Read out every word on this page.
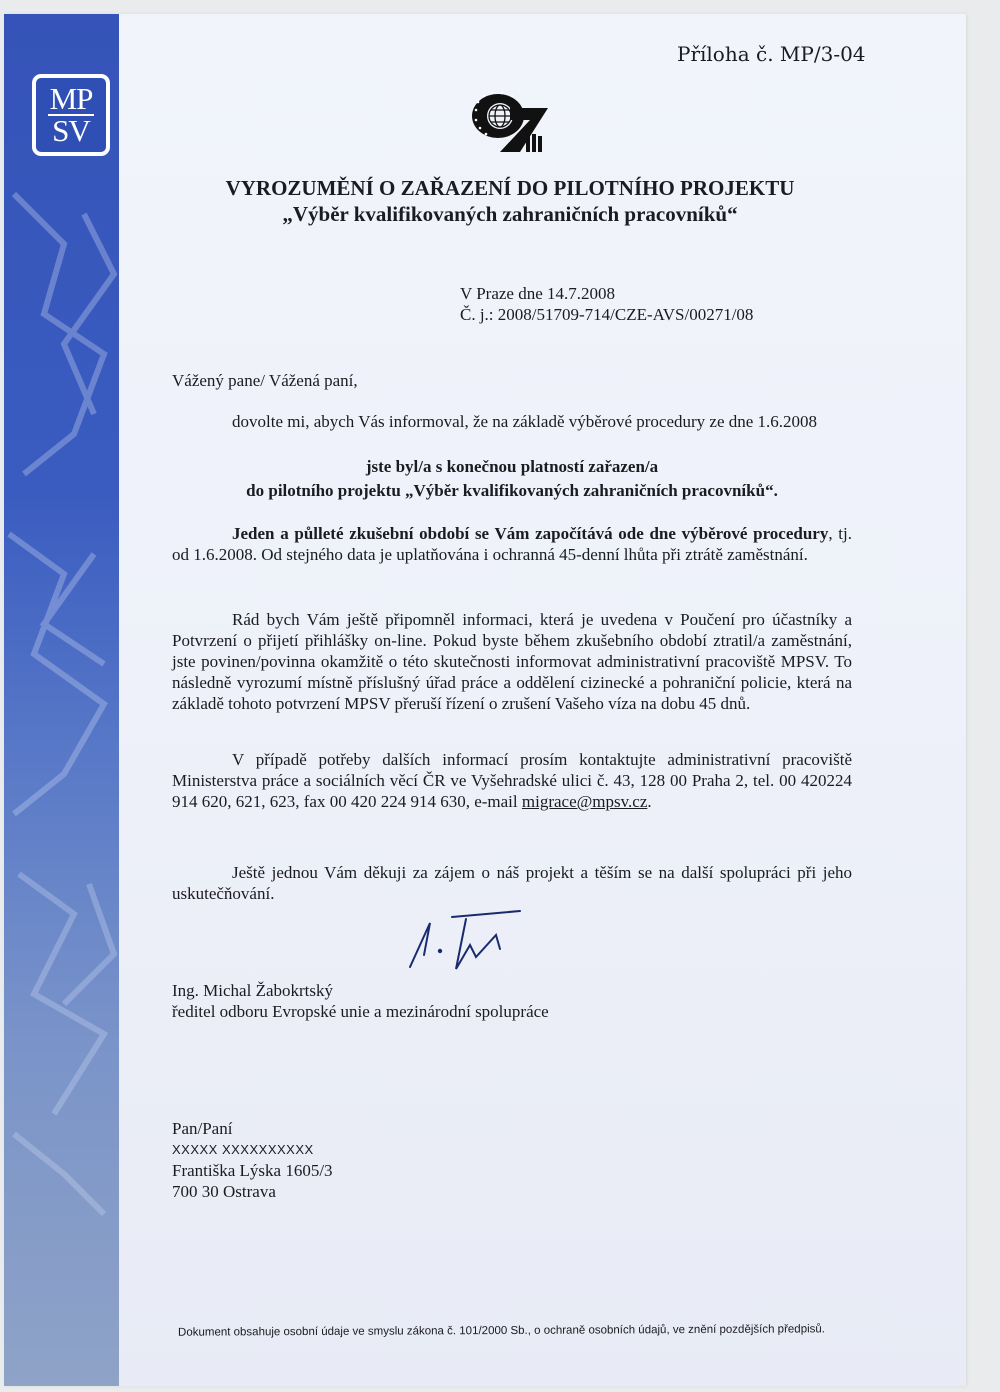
MP
SV
Příloha č. MP/3-04
VYROZUMĚNÍ O ZAŘAZENÍ DO PILOTNÍHO PROJEKTU
„Výběr kvalifikovaných zahraničních pracovníků“
V Praze dne 14.7.2008
Č. j.: 2008/51709-714/CZE-AVS/00271/08
Vážený pane/ Vážená paní,
dovolte mi, abych Vás informoval, že na základě výběrové procedury ze dne 1.6.2008
jste byl/a s konečnou platností zařazen/a
do pilotního projektu „Výběr kvalifikovaných zahraničních pracovníků“.
Jeden a půlleté zkušební období se Vám započítává ode dne výběrové procedury, tj. od 1.6.2008. Od stejného data je uplatňována i ochranná 45-denní lhůta při ztrátě zaměstnání.
Rád bych Vám ještě připomněl informaci, která je uvedena v Poučení pro účastníky a Potvrzení o přijetí přihlášky on-line. Pokud byste během zkušebního období ztratil/a zaměstnání, jste povinen/povinna okamžitě o této skutečnosti informovat administrativní pracoviště MPSV. To následně vyrozumí místně příslušný úřad práce a oddělení cizinecké a pohraniční policie, která na základě tohoto potvrzení MPSV přeruší řízení o zrušení Vašeho víza na dobu 45 dnů.
V případě potřeby dalších informací prosím kontaktujte administrativní pracoviště Ministerstva práce a sociálních věcí ČR ve Vyšehradské ulici č. 43, 128 00 Praha 2, tel. 00 420224 914 620, 621, 623, fax 00 420 224 914 630, e-mail migrace@mpsv.cz.
Ještě jednou Vám děkuji za zájem o náš projekt a těším se na další spolupráci při jeho uskutečňování.
Ing. Michal Žabokrtský
ředitel odboru Evropské unie a mezinárodní spolupráce
Pan/Paní
XXXXX XXXXXXXXXX
Františka Lýska 1605/3
700 30 Ostrava
Dokument obsahuje osobní údaje ve smyslu zákona č. 101/2000 Sb., o ochraně osobních údajů, ve znění pozdějších předpisů.
